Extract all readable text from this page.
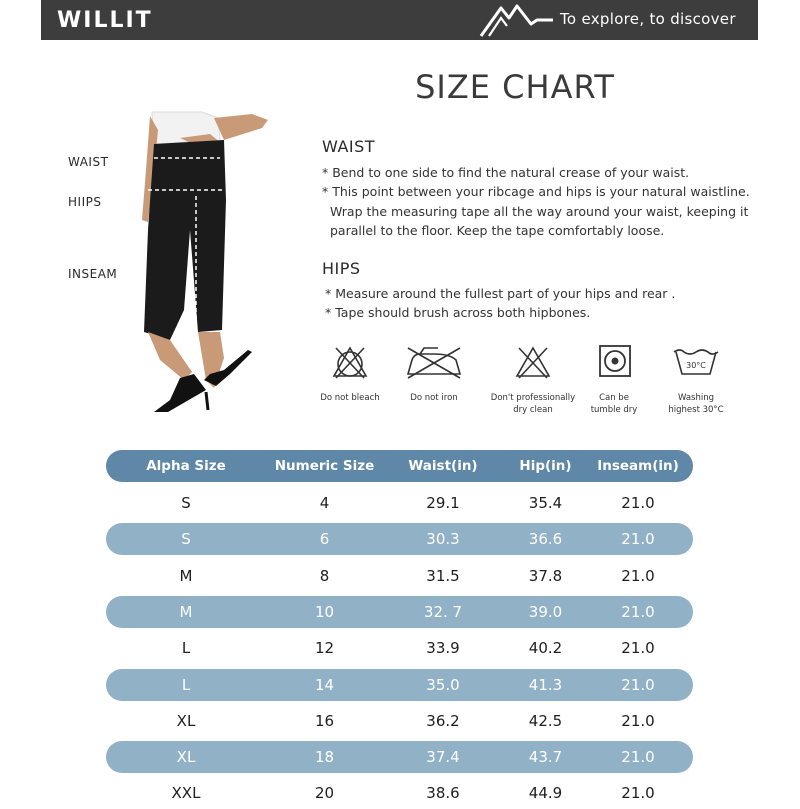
WILLIT	To explore, to discover
SIZE CHART
WAIST
HIIPS
INSEAM
WAIST
* Bend to one side to find the natural crease of your waist.
* This point between your ribcage and hips is your natural waistline.
Wrap the measuring tape all the way around your waist, keeping it
parallel to the floor. Keep the tape comfortably loose.
HIPS
* Measure around the fullest part of your hips and rear .
* Tape should brush across both hipbones.
Do not bleach	Do not iron	Don't professionally
dry clean
Can be
tumble dry
30°C
Washing
highest 30°C
Alpha Size	Numeric Size	Waist(in)	Hip(in)	Inseam(in)
S	4	29.1	35.4	21.0
S	6	30.3	36.6	21.0
M	8	31.5	37.8	21.0
M	10	32. 7	39.0	21.0
L	12	33.9	40.2	21.0
L	14	35.0	41.3	21.0
XL	16	36.2	42.5	21.0
XL	18	37.4	43.7	21.0
XXL	20	38.6	44.9	21.0
